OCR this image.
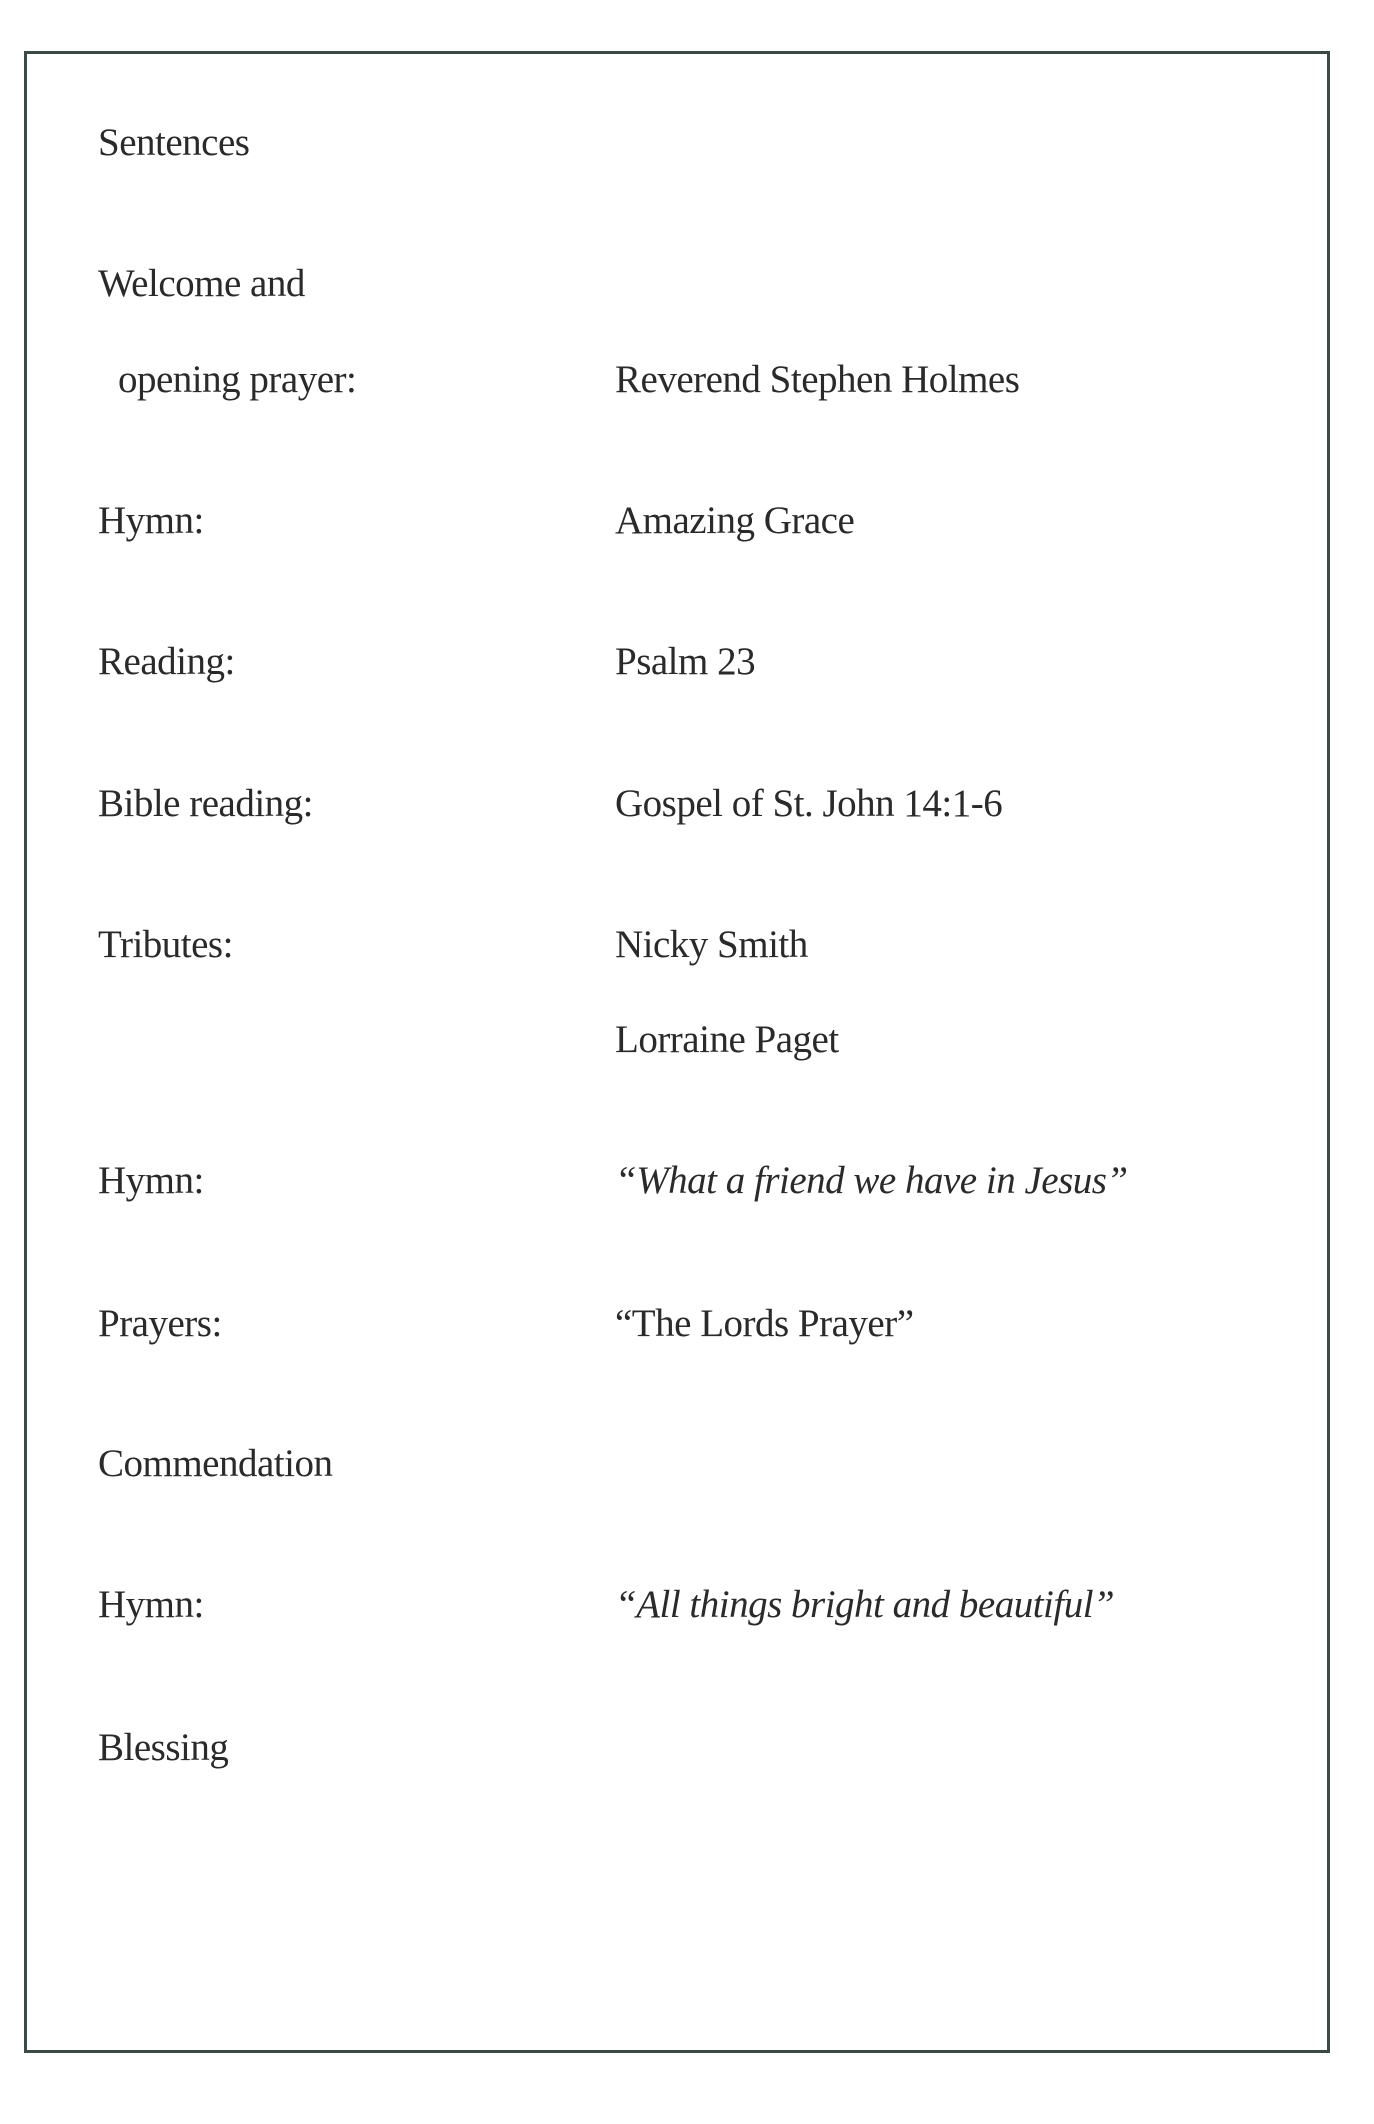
Sentences
Welcome and
opening prayer:	Reverend Stephen Holmes
Hymn:	Amazing Grace
Reading:	Psalm 23
Bible reading:	Gospel of St. John 14:1-6
Tributes:	Nicky Smith
Lorraine Paget
Hymn:	“What a friend we have in Jesus”
Prayers:	“The Lords Prayer”
Commendation
Hymn:	“All things bright and beautiful”
Blessing
